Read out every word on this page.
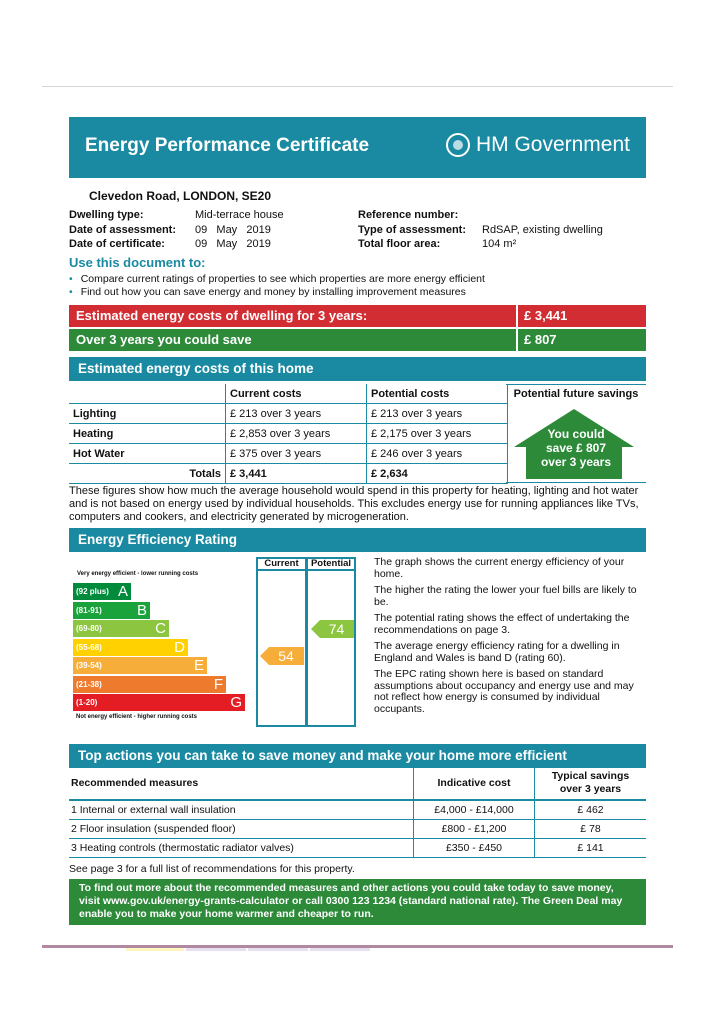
Energy Performance Certificate	HM Government
Clevedon Road, LONDON, SE20
Dwelling type:	Mid-terrace house
Date of assessment: 09   May   2019
Date of certificate:	09   May   2019
Reference number:
Type of assessment: RdSAP, existing dwelling
Total floor area:	104 m²
Use this document to:
• Compare current ratings of properties to see which properties are more energy efficient
• Find out how you can save energy and money by installing improvement measures
Estimated energy costs of dwelling for 3 years:	£ 3,441
Over 3 years you could save	£ 807
Estimated energy costs of this home
	Current costs	Potential costs
Lighting	£ 213 over 3 years	£ 213 over 3 years
Heating	£ 2,853 over 3 years	£ 2,175 over 3 years
Hot Water	£ 375 over 3 years	£ 246 over 3 years
Totals	£ 3,441	£ 2,634
Potential future savings
You could
save £ 807
over 3 years
These figures show how much the average household would spend in this property for heating, lighting and hot water and is not based on energy used by individual households. This excludes energy use for running appliances like TVs, computers and cookers, and electricity generated by microgeneration.
Energy Efficiency Rating
Very energy efficient - lower running costs
(92 plus) A
(81-91) B
(69-80)	C
(55-68)	D
(39-54)	E
(21-38)	F
(1-20)	G
Not energy efficient - higher running costs
Current	Potential
54
74

The graph shows the current energy efficiency of your home.

The higher the rating the lower your fuel bills are likely to be.

The potential rating shows the effect of undertaking the recommendations on page 3.

The average energy efficiency rating for a dwelling in England and Wales is band D (rating 60).

The EPC rating shown here is based on standard assumptions about occupancy and energy use and may not reflect how energy is consumed by individual occupants.

Top actions you can take to save money and make your home more efficient
Recommended measures	Indicative cost	Typical savings over 3 years

1 Internal or external wall insulation	£4,000 - £14,000	£ 462
2 Floor insulation (suspended floor)	£800 - £1,200	£ 78
3 Heating controls (thermostatic radiator valves)	£350 - £450	£ 141
See page 3 for a full list of recommendations for this property.
To find out more about the recommended measures and other actions you could take today to save money, visit www.gov.uk/energy-grants-calculator or call 0300 123 1234 (standard national rate). The Green Deal may enable you to make your home warmer and cheaper to run.
